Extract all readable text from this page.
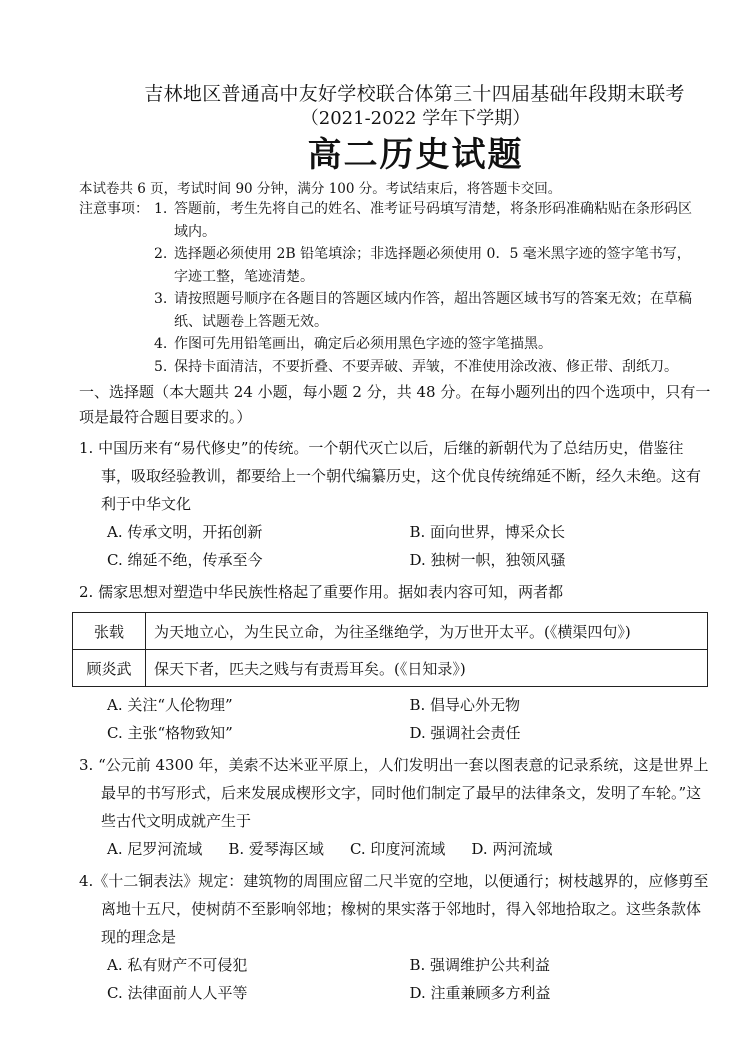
吉林地区普通高中友好学校联合体第三十四届基础年段期末联考
（2021-2022 学年下学期）
高二历史试题
本试卷共 6 页，考试时间 90 分钟，满分 100 分。考试结束后，将答题卡交回。
注意事项： 1. 答题前，考生先将自己的姓名、准考证号码填写清楚，将条形码准确粘贴在条形码区域内。
2. 选择题必须使用 2B 铅笔填涂；非选择题必须使用 0．5 毫米黑字迹的签字笔书写，字迹工整，笔迹清楚。
3. 请按照题号顺序在各题目的答题区域内作答，超出答题区域书写的答案无效；在草稿纸、试题卷上答题无效。
4. 作图可先用铅笔画出，确定后必须用黑色字迹的签字笔描黑。
5. 保持卡面清洁，不要折叠、不要弄破、弄皱，不准使用涂改液、修正带、刮纸刀。
一、选择题（本大题共 24 小题，每小题 2 分，共 48 分。在每小题列出的四个选项中，只有一项是最符合题目要求的。）
1. 中国历来有“易代修史”的传统。一个朝代灭亡以后，后继的新朝代为了总结历史，借鉴往事，吸取经验教训，都要给上一个朝代编纂历史，这个优良传统绵延不断，经久未绝。这有利于中华文化
A. 传承文明，开拓创新	B. 面向世界，博采众长
C. 绵延不绝，传承至今	D. 独树一帜，独领风骚
2. 儒家思想对塑造中华民族性格起了重要作用。据如表内容可知，两者都
张载	为天地立心，为生民立命，为往圣继绝学，为万世开太平。(《横渠四句》)
顾炎武	保天下者，匹夫之贱与有责焉耳矣。(《日知录》)
A. 关注“人伦物理”	B. 倡导心外无物
C. 主张“格物致知”	D. 强调社会责任
3. “公元前 4300 年，美索不达米亚平原上，人们发明出一套以图表意的记录系统，这是世界上最早的书写形式，后来发展成楔形文字，同时他们制定了最早的法律条文，发明了车轮。”这些古代文明成就产生于
A. 尼罗河流域 B. 爱琴海区域 C. 印度河流域 D. 两河流域
4.《十二铜表法》规定：建筑物的周围应留二尺半宽的空地，以便通行；树枝越界的，应修剪至离地十五尺，使树荫不至影响邻地；橡树的果实落于邻地时，得入邻地拾取之。这些条款体现的理念是
A. 私有财产不可侵犯	B. 强调维护公共利益
C. 法律面前人人平等	D. 注重兼顾多方利益
